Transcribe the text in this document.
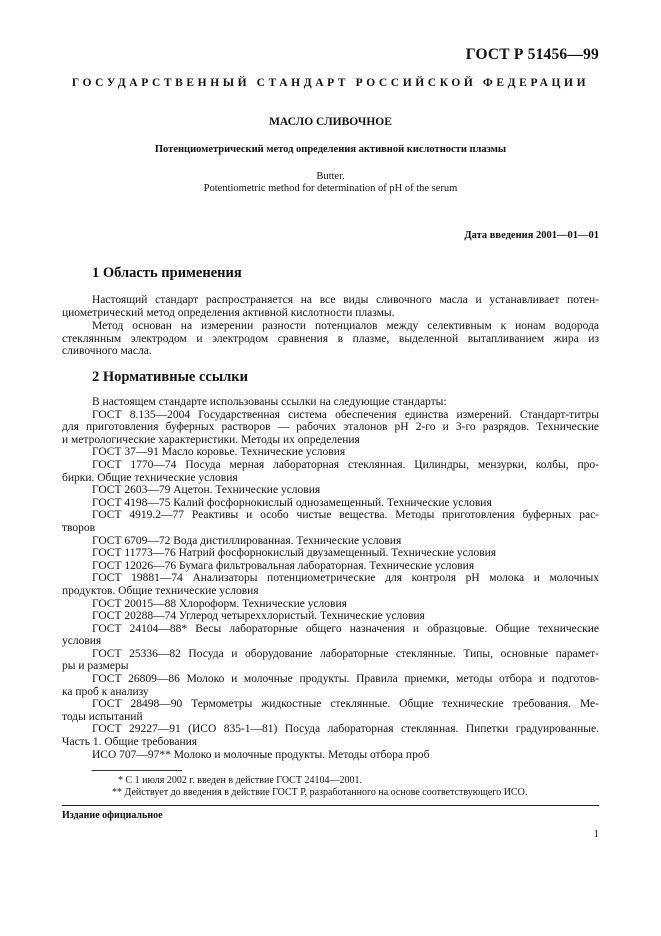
ГОСТ Р 51456—99
ГОСУДАРСТВЕННЫЙ СТАНДАРТ РОССИЙСКОЙ ФЕДЕРАЦИИ
МАСЛО СЛИВОЧНОЕ
Потенциометрический метод определения активной кислотности плазмы
Butter.
Potentiometric method for determination of pH of the serum
Дата введения 2001—01—01
1 Область применения
Настоящий стандарт распространяется на все виды сливочного масла и устанавливает потен-
циометрический метод определения активной кислотности плазмы.
Метод основан на измерении разности потенциалов между селективным к ионам водорода
стеклянным электродом и электродом сравнения в плазме, выделенной вытапливанием жира из
сливочного масла.
2 Нормативные ссылки
В настоящем стандарте использованы ссылки на следующие стандарты:
ГОСТ 8.135—2004 Государственная система обеспечения единства измерений. Стандарт-титры
для приготовления буферных растворов — рабочих эталонов pH 2-го и 3-го разрядов. Технические
и метрологические характеристики. Методы их определения
ГОСТ 37—91 Масло коровье. Технические условия
ГОСТ 1770—74 Посуда мерная лабораторная стеклянная. Цилиндры, мензурки, колбы, про-
бирки. Общие технические условия
ГОСТ 2603—79 Ацетон. Технические условия
ГОСТ 4198—75 Калий фосфорнокислый однозамещенный. Технические условия
ГОСТ 4919.2—77 Реактивы и особо чистые вещества. Методы приготовления буферных рас-
творов
ГОСТ 6709—72 Вода дистиллированная. Технические условия
ГОСТ 11773—76 Натрий фосфорнокислый двузамещенный. Технические условия
ГОСТ 12026—76 Бумага фильтровальная лабораторная. Технические условия
ГОСТ 19881—74 Анализаторы потенциометрические для контроля pH молока и молочных
продуктов. Общие технические условия
ГОСТ 20015—88 Хлороформ. Технические условия
ГОСТ 20288—74 Углерод четыреххлористый. Технические условия
ГОСТ 24104—88* Весы лабораторные общего назначения и образцовые. Общие технические
условия
ГОСТ 25336—82 Посуда и оборудование лабораторные стеклянные. Типы, основные парамет-
ры и размеры
ГОСТ 26809—86 Молоко и молочные продукты. Правила приемки, методы отбора и подготов-
ка проб к анализу
ГОСТ 28498—90 Термометры жидкостные стеклянные. Общие технические требования. Ме-
тоды испытаний
ГОСТ 29227—91 (ИСО 835-1—81) Посуда лабораторная стеклянная. Пипетки градуированные.
Часть 1. Общие требования
ИСО 707—97** Молоко и молочные продукты. Методы отбора проб
* С 1 июля 2002 г. введен в действие ГОСТ 24104—2001.
** Действует до введения в действие ГОСТ Р, разработанного на основе соответствующего ИСО.
Издание официальное
1
